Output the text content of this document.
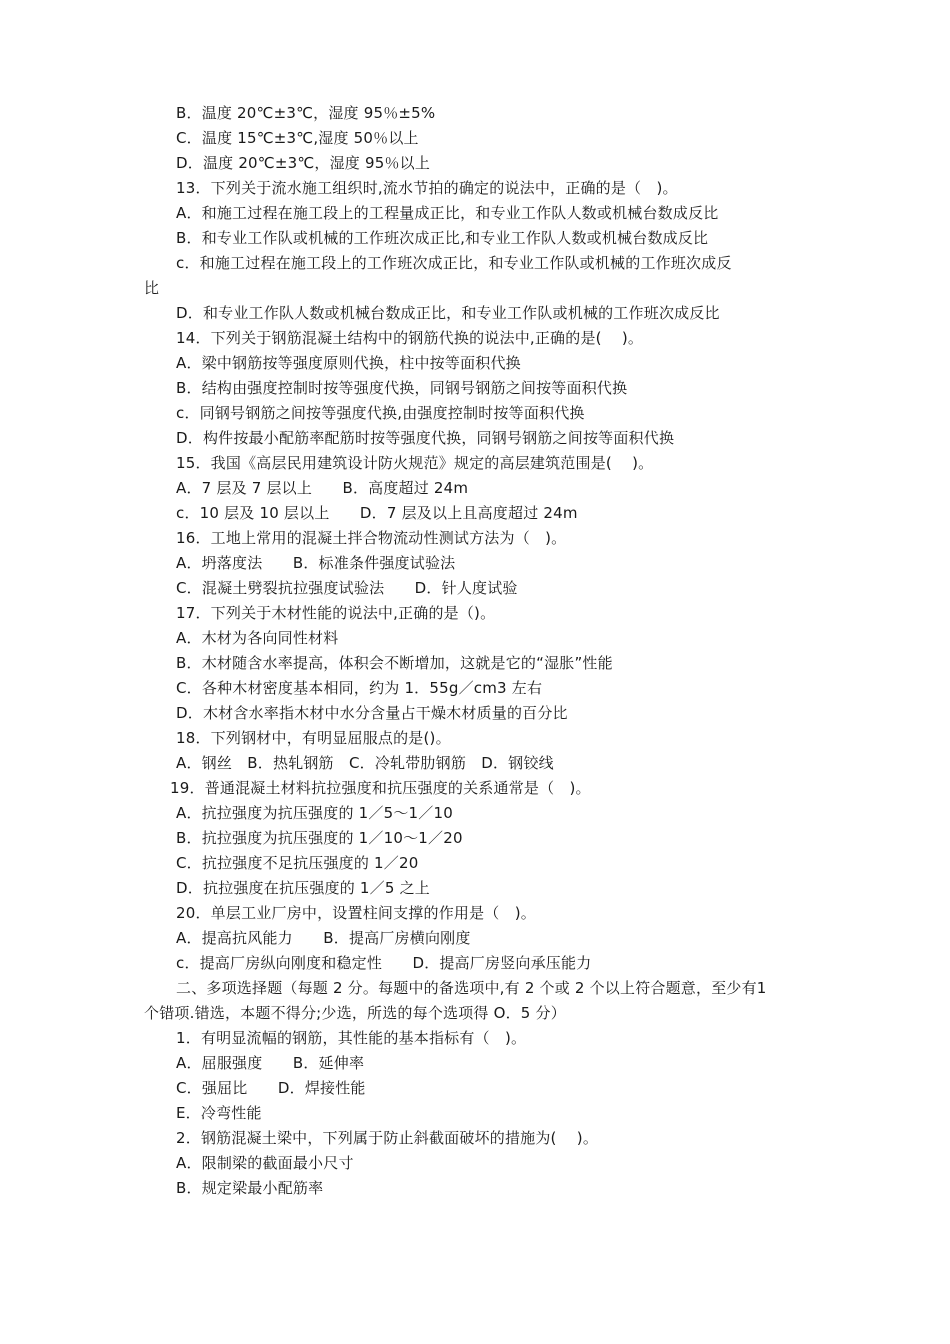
B．温度 20℃±3℃，湿度 95％±5%
C．温度 15℃±3℃,湿度 50％以上
D．温度 20℃±3℃，湿度 95％以上
13．下列关于流水施工组织时,流水节拍的确定的说法中，正确的是（　)。
A．和施工过程在施工段上的工程量成正比，和专业工作队人数或机械台数成反比
B．和专业工作队或机械的工作班次成正比,和专业工作队人数或机械台数成反比
c．和施工过程在施工段上的工作班次成正比，和专业工作队或机械的工作班次成反
比
D．和专业工作队人数或机械台数成正比，和专业工作队或机械的工作班次成反比
14．下列关于钢筋混凝土结构中的钢筋代换的说法中,正确的是(　 )。
A．梁中钢筋按等强度原则代换，柱中按等面积代换
B．结构由强度控制时按等强度代换，同钢号钢筋之间按等面积代换
c．同钢号钢筋之间按等强度代换,由强度控制时按等面积代换
D．构件按最小配筋率配筋时按等强度代换，同钢号钢筋之间按等面积代换
15．我国《高层民用建筑设计防火规范》规定的高层建筑范围是(　 )。
A．7 层及 7 层以上　　B．高度超过 24m
c．10 层及 10 层以上　　D．7 层及以上且高度超过 24m
16．工地上常用的混凝土拌合物流动性测试方法为（　)。
A．坍落度法　　B．标准条件强度试验法
C．混凝土劈裂抗拉强度试验法　　D．针人度试验
17．下列关于木材性能的说法中,正确的是（)。
A．木材为各向同性材料
B．木材随含水率提高，体积会不断增加，这就是它的“湿胀”性能
C．各种木材密度基本相同，约为 1．55g／cm3 左右
D．木材含水率指木材中水分含量占干燥木材质量的百分比
18．下列钢材中，有明显屈服点的是()。
A．钢丝　B．热轧钢筋　C．冷轧带肋钢筋　D．钢铰线
19．普通混凝土材料抗拉强度和抗压强度的关系通常是（　)。
A．抗拉强度为抗压强度的 1／5～1／10
B．抗拉强度为抗压强度的 1／10～1／20
C．抗拉强度不足抗压强度的 1／20
D．抗拉强度在抗压强度的 1／5 之上
20．单层工业厂房中，设置柱间支撑的作用是（　)。
A．提高抗风能力　　B．提高厂房横向刚度
c．提高厂房纵向刚度和稳定性　　D．提高厂房竖向承压能力
二、多项选择题（每题 2 分。每题中的备选项中,有 2 个或 2 个以上符合题意，至少有1
个错项.错选，本题不得分;少选，所选的每个选项得 O．5 分）
1．有明显流幅的钢筋，其性能的基本指标有（　)。
A．屈服强度　　B．延伸率
C．强屈比　　D．焊接性能
E．冷弯性能
2．钢筋混凝土梁中，下列属于防止斜截面破坏的措施为(　 )。
A．限制梁的截面最小尺寸
B．规定梁最小配筋率
